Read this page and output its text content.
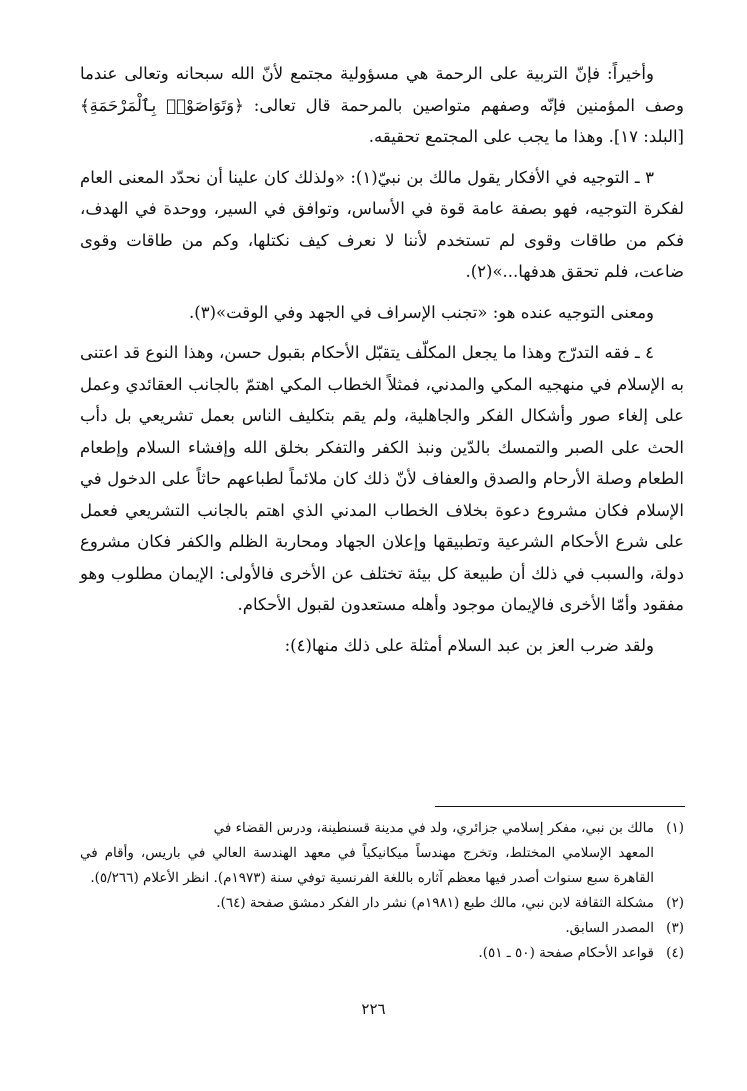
وأخيراً: فإنّ التربية على الرحمة هي مسؤولية مجتمع لأنّ الله سبحانه وتعالى عندما وصف المؤمنين فإنّه وصفهم متواصين بالمرحمة قال تعالى: ﴿وَتَوَاصَوْا۟ بِٱلْمَرْحَمَةِ﴾ [البلد: ١٧]. وهذا ما يجب على المجتمع تحقيقه.

٣ ـ التوجيه في الأفكار يقول مالك بن نبيّ(١): «ولذلك كان علينا أن نحدّد المعنى العام لفكرة التوجيه، فهو بصفة عامة قوة في الأساس، وتوافق في السير، ووحدة في الهدف، فكم من طاقات وقوى لم تستخدم لأننا لا نعرف كيف نكتلها، وكم من طاقات وقوى ضاعت، فلم تحقق هدفها...»(٢).

ومعنى التوجيه عنده هو: «تجنب الإسراف في الجهد وفي الوقت»(٣).

٤ ـ فقه التدرّج وهذا ما يجعل المكلّف يتقبّل الأحكام بقبول حسن، وهذا النوع قد اعتنى به الإسلام في منهجيه المكي والمدني، فمثلاً الخطاب المكي اهتمّ بالجانب العقائدي وعمل على إلغاء صور وأشكال الفكر والجاهلية، ولم يقم بتكليف الناس بعمل تشريعي بل دأب الحث على الصبر والتمسك بالدّين ونبذ الكفر والتفكر بخلق الله وإفشاء السلام وإطعام الطعام وصلة الأرحام والصدق والعفاف لأنّ ذلك كان ملائماً لطباعهم حاثاً على الدخول في الإسلام فكان مشروع دعوة بخلاف الخطاب المدني الذي اهتم بالجانب التشريعي فعمل على شرع الأحكام الشرعية وتطبيقها وإعلان الجهاد ومحاربة الظلم والكفر فكان مشروع دولة، والسبب في ذلك أن طبيعة كل بيئة تختلف عن الأخرى فالأولى: الإيمان مطلوب وهو مفقود وأمّا الأخرى فالإيمان موجود وأهله مستعدون لقبول الأحكام.

ولقد ضرب العز بن عبد السلام أمثلة على ذلك منها(٤):

(١)مالك بن نبي، مفكر إسلامي جزائري، ولد في مدينة قسنطينة، ودرس القضاء في
المعهد الإسلامي المختلط، وتخرج مهندساً ميكانيكياً في معهد الهندسة العالي في باريس، وأقام في القاهرة سبع سنوات أصدر فيها معظم آثاره باللغة الفرنسية توفي سنة (١٩٧٣م). انظر الأعلام (٥/٢٦٦).
(٢)مشكلة الثقافة لابن نبي، مالك طبع (١٩٨١م) نشر دار الفكر دمشق صفحة (٦٤).
(٣)المصدر السابق.
(٤)قواعد الأحكام صفحة (٥٠ ـ ٥١).
٢٢٦
